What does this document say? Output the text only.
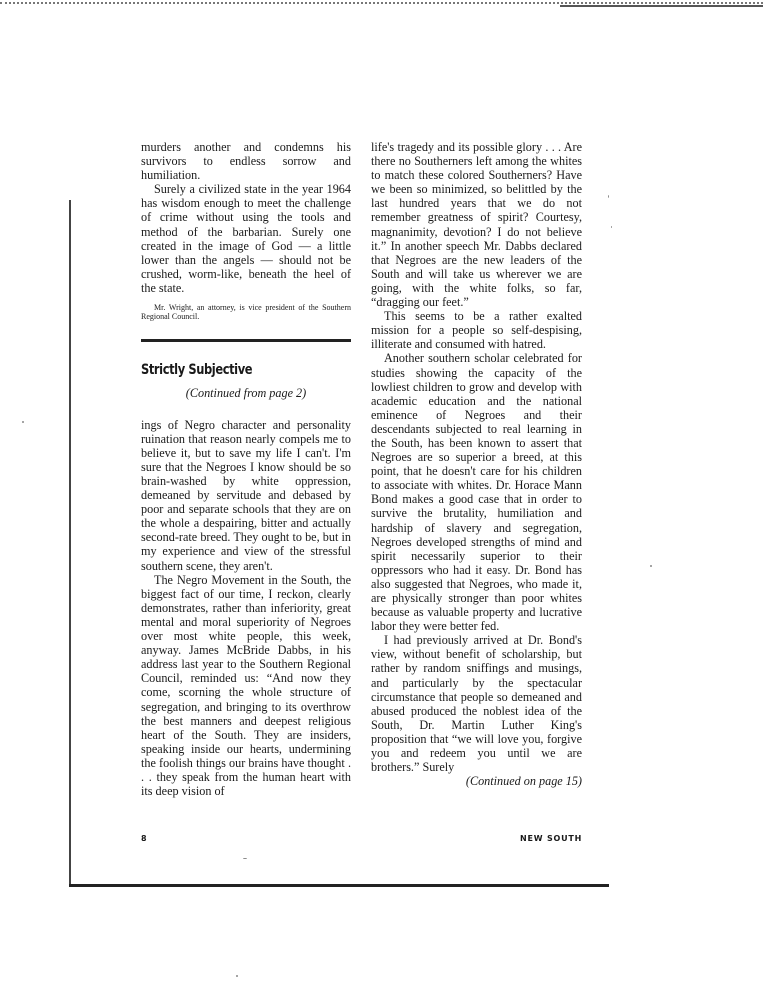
murders another and condemns his survivors to endless sorrow and humiliation.

Surely a civilized state in the year 1964 has wisdom enough to meet the challenge of crime without using the tools and method of the barbarian. Surely one created in the image of God — a little lower than the angels — should not be crushed, worm-like, beneath the heel of the state.

Mr. Wright, an attorney, is vice president of the Southern Regional Council.

Strictly Subjective

(Continued from page 2)

ings of Negro character and personality ruination that reason nearly compels me to believe it, but to save my life I can't. I'm sure that the Negroes I know should be so brain-washed by white oppression, demeaned by servitude and debased by poor and separate schools that they are on the whole a despairing, bitter and actually second-rate breed. They ought to be, but in my experience and view of the stressful southern scene, they aren't.

The Negro Movement in the South, the biggest fact of our time, I reckon, clearly demonstrates, rather than inferiority, great mental and moral superiority of Negroes over most white people, this week, anyway. James McBride Dabbs, in his address last year to the Southern Regional Council, reminded us: “And now they come, scorning the whole structure of segregation, and bringing to its overthrow the best manners and deepest religious heart of the South. They are insiders, speaking inside our hearts, undermining the foolish things our brains have thought . . . they speak from the human heart with its deep vision of

life's tragedy and its possible glory . . . Are there no Southerners left among the whites to match these colored Southerners? Have we been so minimized, so belittled by the last hundred years that we do not remember greatness of spirit? Courtesy, magnanimity, devotion? I do not believe it.” In another speech Mr. Dabbs declared that Negroes are the new leaders of the South and will take us wherever we are going, with the white folks, so far, “dragging our feet.”

This seems to be a rather exalted mission for a people so self-despising, illiterate and consumed with hatred.

Another southern scholar celebrated for studies showing the capacity of the lowliest children to grow and develop with academic education and the national eminence of Negroes and their descendants subjected to real learning in the South, has been known to assert that Negroes are so superior a breed, at this point, that he doesn't care for his children to associate with whites. Dr. Horace Mann Bond makes a good case that in order to survive the brutality, humiliation and hardship of slavery and segregation, Negroes developed strengths of mind and spirit necessarily superior to their oppressors who had it easy. Dr. Bond has also suggested that Negroes, who made it, are physically stronger than poor whites because as valuable property and lucrative labor they were better fed.

I had previously arrived at Dr. Bond's view, without benefit of scholarship, but rather by random sniffings and musings, and particularly by the spectacular circumstance that people so demeaned and abused produced the noblest idea of the South, Dr. Martin Luther King's proposition that “we will love you, forgive you and redeem you until we are brothers.” Surely

(Continued on page 15)

8	NEW SOUTH
